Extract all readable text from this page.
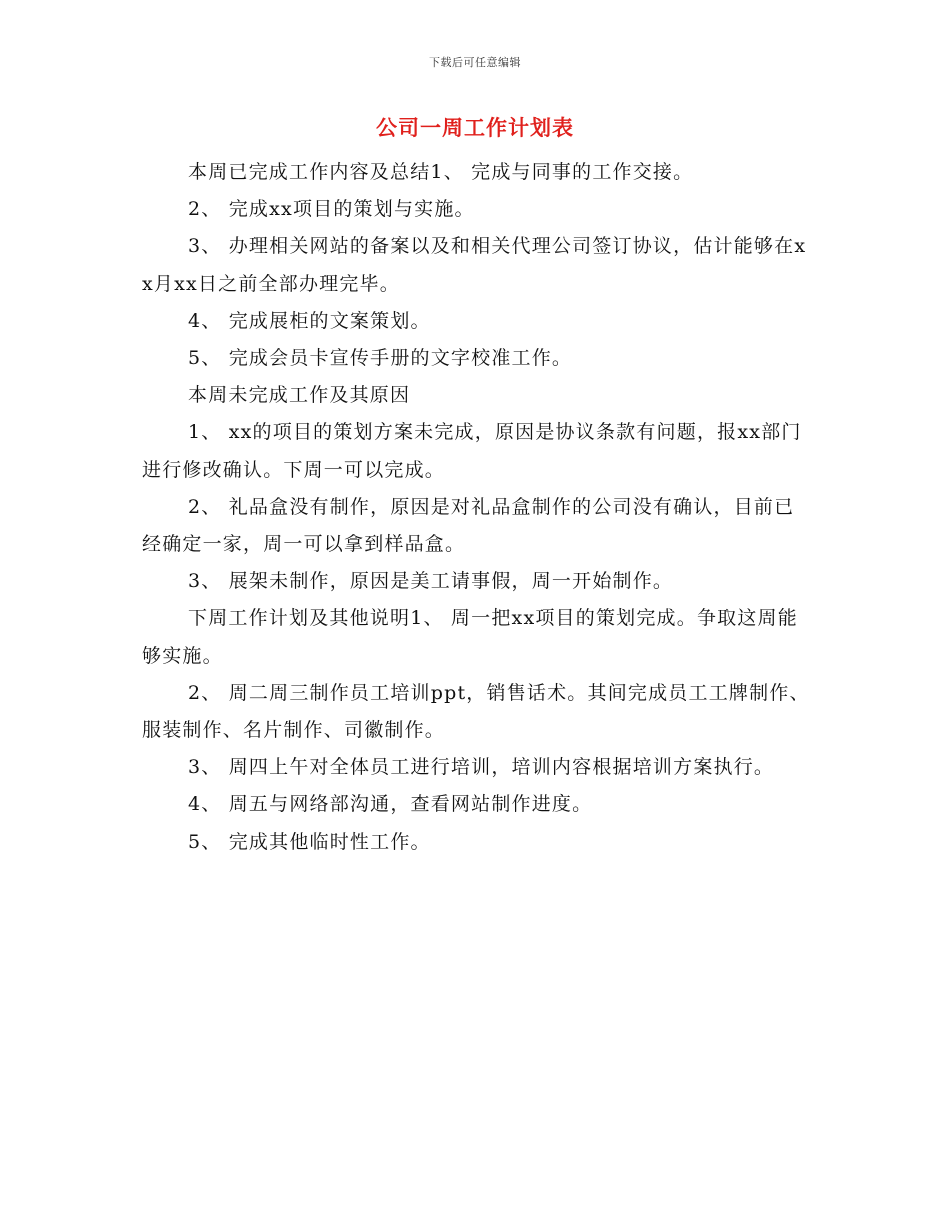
下载后可任意编辑
公司一周工作计划表

本周已完成工作内容及总结1、 完成与同事的工作交接。

2、 完成xx项目的策划与实施。

3、 办理相关网站的备案以及和相关代理公司签订协议，估计能够在xx月xx日之前全部办理完毕。

4、 完成展柜的文案策划。

5、 完成会员卡宣传手册的文字校准工作。

本周未完成工作及其原因

1、 xx的项目的策划方案未完成，原因是协议条款有问题，报xx部门进行修改确认。下周一可以完成。

2、 礼品盒没有制作，原因是对礼品盒制作的公司没有确认，目前已经确定一家，周一可以拿到样品盒。

3、 展架未制作，原因是美工请事假，周一开始制作。

下周工作计划及其他说明1、 周一把xx项目的策划完成。争取这周能够实施。

2、 周二周三制作员工培训ppt，销售话术。其间完成员工工牌制作、服装制作、名片制作、司徽制作。

3、 周四上午对全体员工进行培训，培训内容根据培训方案执行。

4、 周五与网络部沟通，查看网站制作进度。

5、 完成其他临时性工作。
